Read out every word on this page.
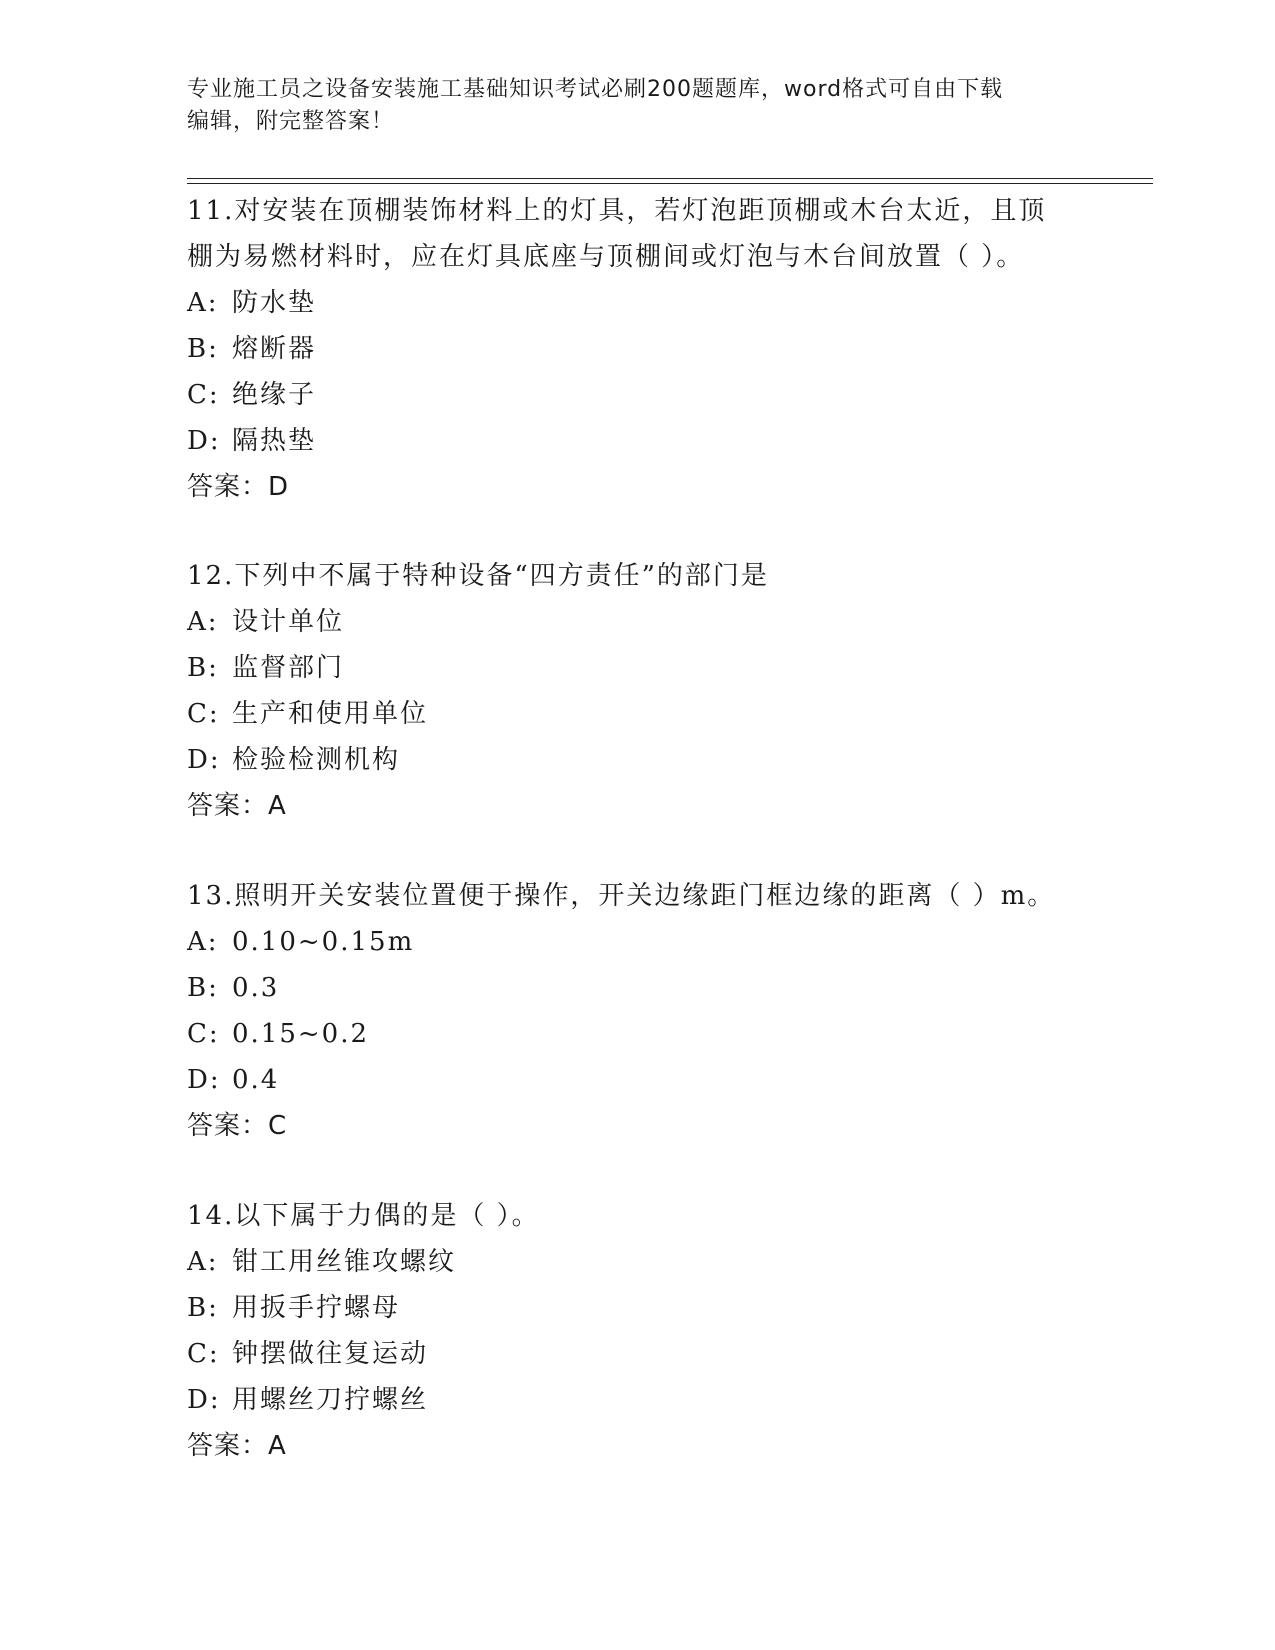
专业施工员之设备安装施工基础知识考试必刷200题题库，word格式可自由下载
编辑，附完整答案！
11.对安装在顶棚装饰材料上的灯具，若灯泡距顶棚或木台太近，且顶
棚为易燃材料时，应在灯具底座与顶棚间或灯泡与木台间放置（ ）。
A: 防水垫
B: 熔断器
C: 绝缘子
D: 隔热垫
答案：D
12.下列中不属于特种设备“四方责任”的部门是
A: 设计单位
B: 监督部门
C: 生产和使用单位
D: 检验检测机构
答案：A
13.照明开关安装位置便于操作，开关边缘距门框边缘的距离（ ）m。
A: 0.10~0.15m
B: 0.3
C: 0.15~0.2
D: 0.4
答案：C
14.以下属于力偶的是（ ）。
A: 钳工用丝锥攻螺纹
B: 用扳手拧螺母
C: 钟摆做往复运动
D: 用螺丝刀拧螺丝
答案：A
